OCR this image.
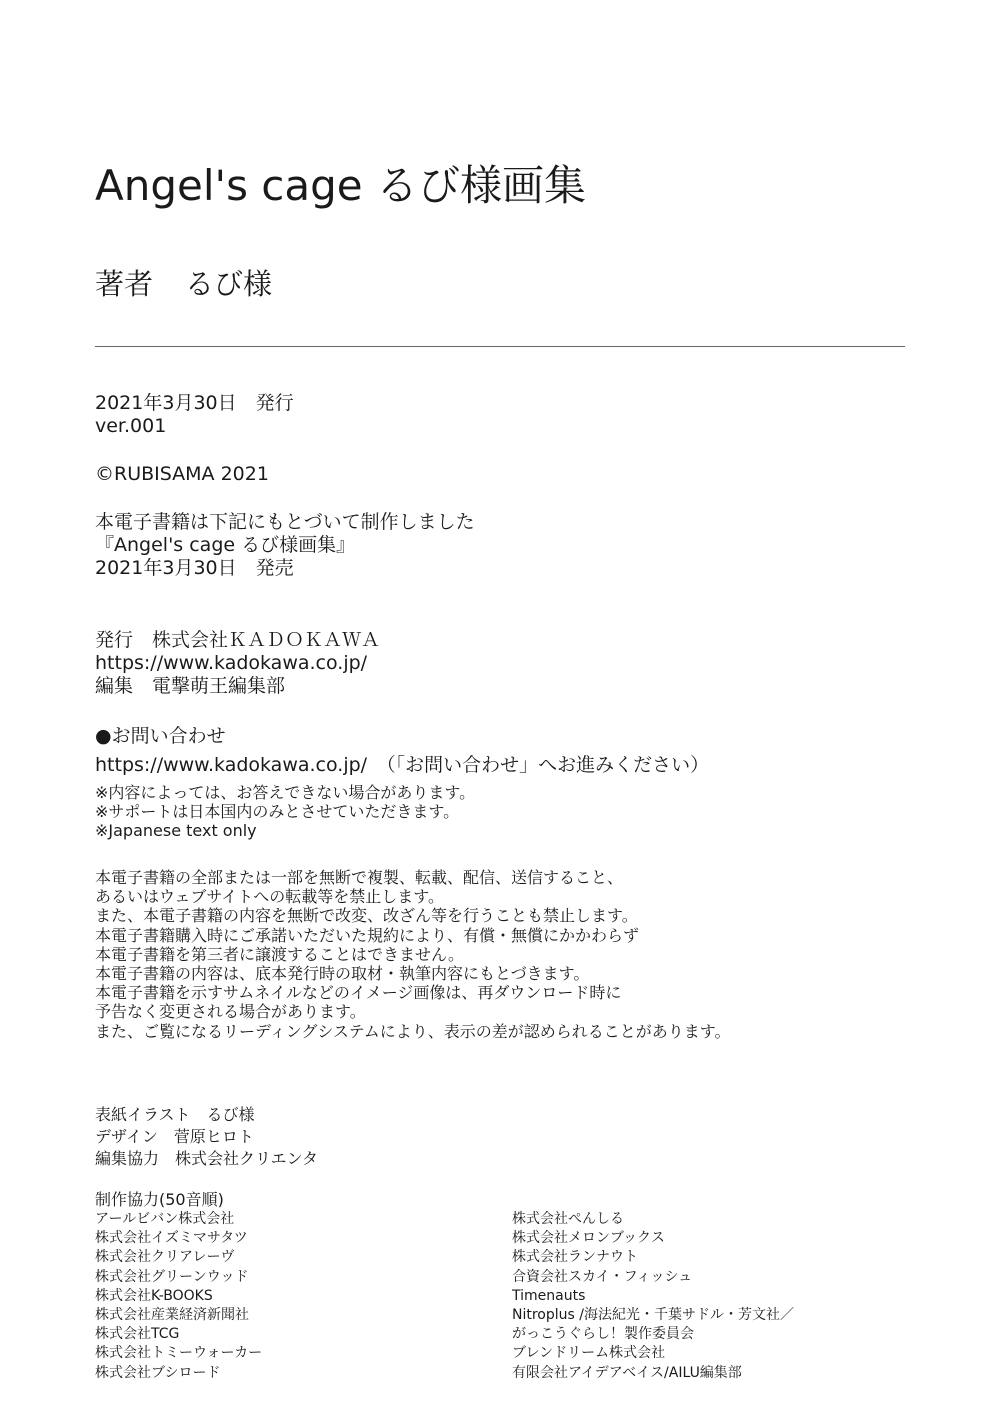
Angel's cage るび様画集
著者 るび様
2021年3月30日　発行
ver.001
©RUBISAMA 2021
本電子書籍は下記にもとづいて制作しました
『Angel's cage るび様画集』
2021年3月30日　発売
発行　株式会社ＫＡＤＯＫＡＷＡ
https://www.kadokawa.co.jp/
編集　電撃萌王編集部
●お問い合わせ
https://www.kadokawa.co.jp/　（「お問い合わせ」へお進みください）
※内容によっては、お答えできない場合があります。
※サポートは日本国内のみとさせていただきます。
※Japanese text only
本電子書籍の全部または一部を無断で複製、転載、配信、送信すること、
あるいはウェブサイトへの転載等を禁止します。
また、本電子書籍の内容を無断で改変、改ざん等を行うことも禁止します。
本電子書籍購入時にご承諾いただいた規約により、有償・無償にかかわらず
本電子書籍を第三者に譲渡することはできません。
本電子書籍の内容は、底本発行時の取材・執筆内容にもとづきます。
本電子書籍を示すサムネイルなどのイメージ画像は、再ダウンロード時に
予告なく変更される場合があります。
また、ご覧になるリーディングシステムにより、表示の差が認められることがあります。
表紙イラスト　るび様
デザイン　菅原ヒロト
編集協力　株式会社クリエンタ
制作協力(50音順)
アールビバン株式会社
株式会社イズミマサタツ
株式会社クリアレーヴ
株式会社グリーンウッド
株式会社K-BOOKS
株式会社産業経済新聞社
株式会社TCG
株式会社トミーウォーカー
株式会社ブシロード
株式会社ぺんしる
株式会社メロンブックス
株式会社ランナウト
合資会社スカイ・フィッシュ
Timenauts
Nitroplus /海法紀光・千葉サドル・芳文社／
がっこうぐらし！製作委員会
ブレンドリーム株式会社
有限会社アイデアベイス/AILU編集部
